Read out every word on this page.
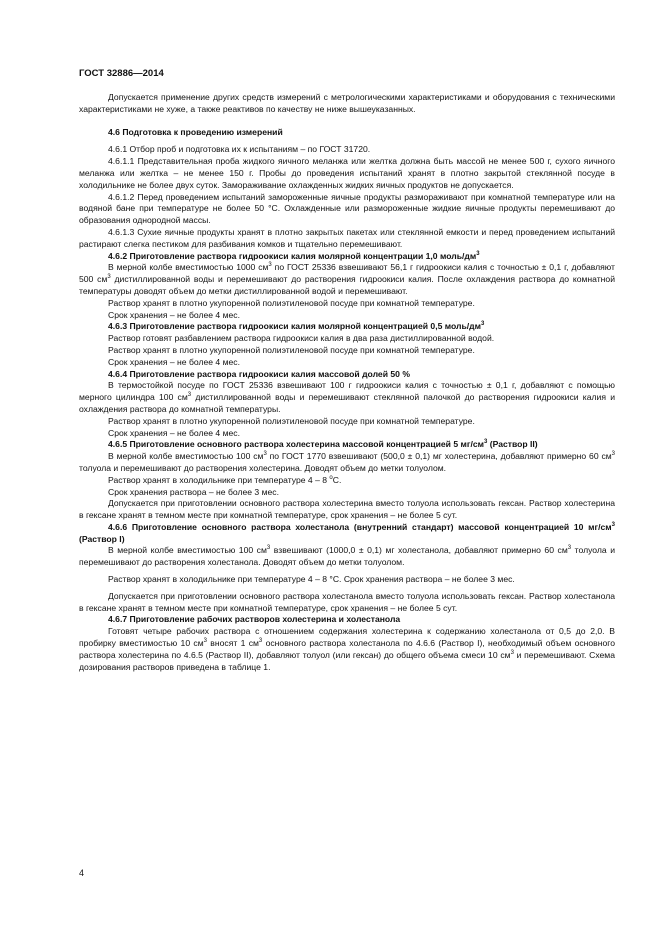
ГОСТ 32886—2014

Допускается применение других средств измерений с метрологическими характеристиками и оборудования с техническими характеристиками не хуже, а также реактивов по качеству не ниже вышеуказанных.

4.6 Подготовка к проведению измерений

4.6.1 Отбор проб и подготовка их к испытаниям – по ГОСТ 31720.

4.6.1.1 Представительная проба жидкого яичного меланжа или желтка должна быть массой не менее 500 г, сухого яичного меланжа или желтка – не менее 150 г. Пробы до проведения испытаний хранят в плотно закрытой стеклянной посуде в холодильнике не более двух суток. Замораживание охлажденных жидких яичных продуктов не допускается.

4.6.1.2 Перед проведением испытаний замороженные яичные продукты размораживают при комнатной температуре или на водяной бане при температуре не более 50 °С. Охлажденные или размороженные жидкие яичные продукты перемешивают до образования однородной массы.

4.6.1.3 Сухие яичные продукты хранят в плотно закрытых пакетах или стеклянной емкости и перед проведением испытаний растирают слегка пестиком для разбивания комков и тщательно перемешивают.

4.6.2 Приготовление раствора гидроокиси калия молярной концентрации 1,0 моль/$дм^3$

В мерной колбе вместимостью 1000 $см^3$ по ГОСТ 25336 взвешивают 56,1 г гидроокиси калия с точностью ± 0,1 г, добавляют 500 $см^3$ дистиллированной воды и перемешивают до растворения гидроокиси калия. После охлаждения раствора до комнатной температуры доводят объем до метки дистиллированной водой и перемешивают.

Раствор хранят в плотно укупоренной полиэтиленовой посуде при комнатной температуре.

Срок хранения – не более 4 мес.

4.6.3 Приготовление раствора гидроокиси калия молярной концентрацией 0,5 моль/$дм^3$

Раствор готовят разбавлением раствора гидроокиси калия в два раза дистиллированной водой.

Раствор хранят в плотно укупоренной полиэтиленовой посуде при комнатной температуре.

Срок хранения – не более 4 мес.

4.6.4 Приготовление раствора гидроокиси калия массовой долей 50 %

В термостойкой посуде по ГОСТ 25336 взвешивают 100 г гидроокиси калия с точностью ± 0,1 г, добавляют с помощью мерного цилиндра 100 $см^3$ дистиллированной воды и перемешивают стеклянной палочкой до растворения гидроокиси калия и охлаждения раствора до комнатной температуры.

Раствор хранят в плотно укупоренной полиэтиленовой посуде при комнатной температуре.

Срок хранения – не более 4 мес.

4.6.5 Приготовление основного раствора холестерина массовой концентрацией 5 $мг/см^3$ (Раствор II)

В мерной колбе вместимостью 100 $см^3$ по ГОСТ 1770 взвешивают (500,0 ± 0,1) мг холестерина, добавляют примерно 60 $см^3$ толуола и перемешивают до растворения холестерина. Доводят объем до метки толуолом.

Раствор хранят в холодильнике при температуре 4 – 8 $^о$С.

Срок хранения раствора – не более 3 мес.

Допускается при приготовлении основного раствора холестерина вместо толуола использовать гексан. Раствор холестерина в гексане хранят в темном месте при комнатной температуре, срок хранения – не более 5 сут.

4.6.6 Приготовление основного раствора холестанола (внутренний стандарт) массовой концентрацией 10 $мг/см^3$ (Раствор I)

В мерной колбе вместимостью 100 $см^3$ взвешивают (1000,0 ± 0,1) мг холестанола, добавляют примерно 60 $см^3$ толуола и перемешивают до растворения холестанола. Доводят объем до метки толуолом.

Раствор хранят в холодильнике при температуре 4 – 8 °С. Срок хранения раствора – не более 3 мес.

Допускается при приготовлении основного раствора холестанола вместо толуола использовать гексан. Раствор холестанола в гексане хранят в темном месте при комнатной температуре, срок хранения – не более 5 сут.

4.6.7 Приготовление рабочих растворов холестерина и холестанола

Готовят четыре рабочих раствора с отношением содержания холестерина к содержанию холестанола от 0,5 до 2,0. В пробирку вместимостью 10 $см^3$ вносят 1 $см^3$ основного раствора холестанола по 4.6.6 (Раствор I), необходимый объем основного раствора холестерина по 4.6.5 (Раствор II), добавляют толуол (или гексан) до общего объема смеси 10 $см^3$ и перемешивают. Схема дозирования растворов приведена в таблице 1.

4
